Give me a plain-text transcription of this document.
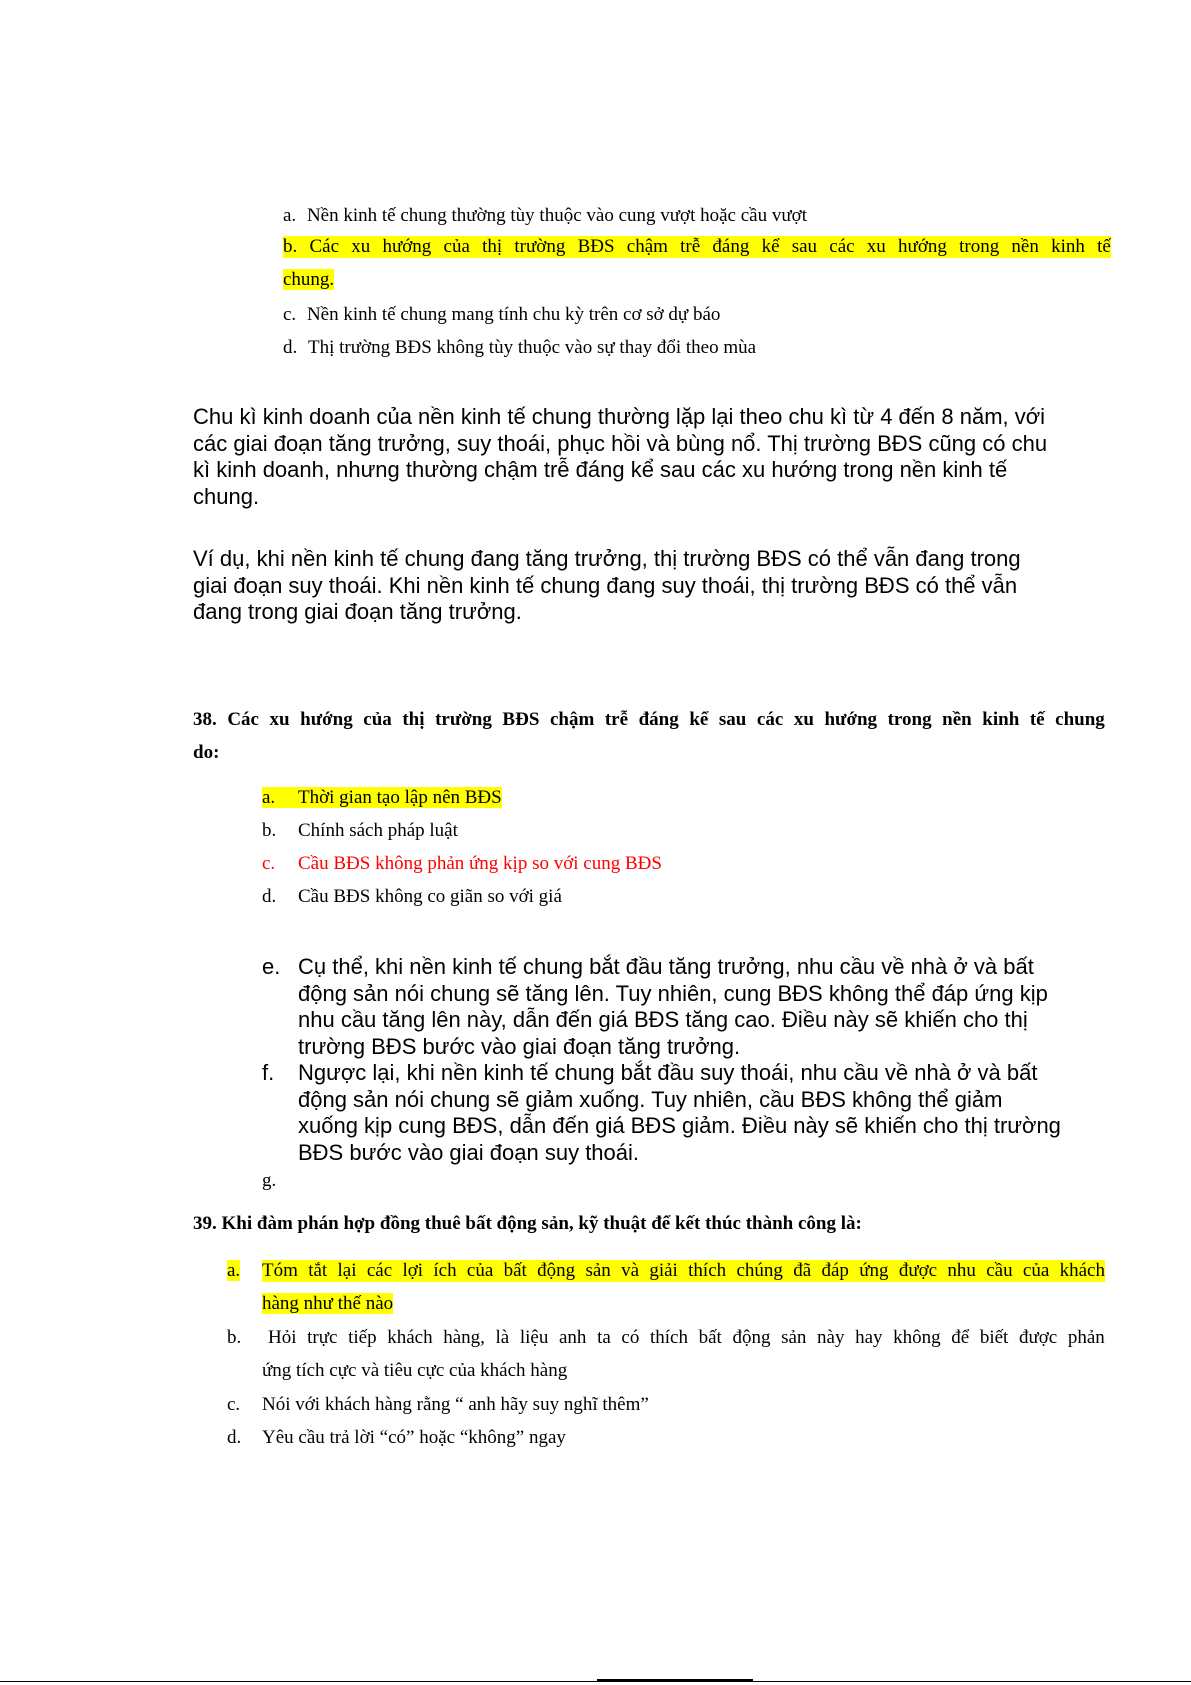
a. Nền kinh tế chung thường tùy thuộc vào cung vượt hoặc cầu vượt
b. Các xu hướng của thị trường BĐS chậm trễ đáng kể sau các xu hướng trong nền kinh tế
chung.
c. Nền kinh tế chung mang tính chu kỳ trên cơ sở dự báo
d. Thị trường BĐS không tùy thuộc vào sự thay đổi theo mùa
Chu kì kinh doanh của nền kinh tế chung thường lặp lại theo chu kì từ 4 đến 8 năm, với
các giai đoạn tăng trưởng, suy thoái, phục hồi và bùng nổ. Thị trường BĐS cũng có chu
kì kinh doanh, nhưng thường chậm trễ đáng kể sau các xu hướng trong nền kinh tế
chung.
Ví dụ, khi nền kinh tế chung đang tăng trưởng, thị trường BĐS có thể vẫn đang trong
giai đoạn suy thoái. Khi nền kinh tế chung đang suy thoái, thị trường BĐS có thể vẫn
đang trong giai đoạn tăng trưởng.
38. Các xu hướng của thị trường BĐS chậm trễ đáng kể sau các xu hướng trong nền kinh tế chung
do:
a. Thời gian tạo lập nên BĐS
b. Chính sách pháp luật
c. Cầu BĐS không phản ứng kịp so với cung BĐS
d. Cầu BĐS không co giãn so với giá
e. Cụ thể, khi nền kinh tế chung bắt đầu tăng trưởng, nhu cầu về nhà ở và bất
động sản nói chung sẽ tăng lên. Tuy nhiên, cung BĐS không thể đáp ứng kịp
nhu cầu tăng lên này, dẫn đến giá BĐS tăng cao. Điều này sẽ khiến cho thị
trường BĐS bước vào giai đoạn tăng trưởng.
f. Ngược lại, khi nền kinh tế chung bắt đầu suy thoái, nhu cầu về nhà ở và bất
động sản nói chung sẽ giảm xuống. Tuy nhiên, cầu BĐS không thể giảm
xuống kịp cung BĐS, dẫn đến giá BĐS giảm. Điều này sẽ khiến cho thị trường
BĐS bước vào giai đoạn suy thoái.
g.
39. Khi đàm phán hợp đồng thuê bất động sản, kỹ thuật để kết thúc thành công là:
a. Tóm tắt lại các lợi ích của bất động sản và giải thích chúng đã đáp ứng được nhu cầu của khách
hàng như thế nào
b. Hỏi trực tiếp khách hàng, là liệu anh ta có thích bất động sản này hay không để biết được phản
ứng tích cực và tiêu cực của khách hàng
c. Nói với khách hàng rằng “ anh hãy suy nghĩ thêm”
d. Yêu cầu trả lời “có” hoặc “không” ngay
